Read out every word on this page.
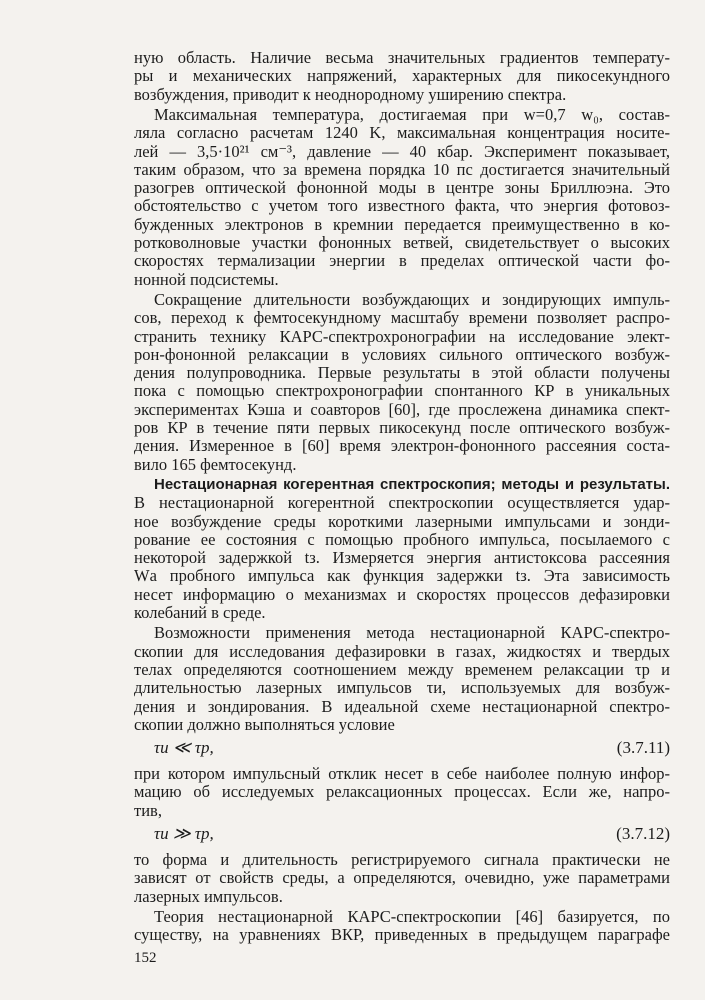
ную область. Наличие весьма значительных градиентов температу-
ры и механических напряжений, характерных для пикосекундного
возбуждения, приводит к неоднородному уширению спектра.
Максимальная температура, достигаемая при w=0,7 w₀, состав-
ляла согласно расчетам 1240 K, максимальная концентрация носите-
лей — 3,5·10²¹ см⁻³, давление — 40 кбар. Эксперимент показывает,
таким образом, что за времена порядка 10 пс достигается значительный
разогрев оптической фононной моды в центре зоны Бриллюэна. Это
обстоятельство с учетом того известного факта, что энергия фотовоз-
бужденных электронов в кремнии передается преимущественно в ко-
ротковолновые участки фононных ветвей, свидетельствует о высоких
скоростях термализации энергии в пределах оптической части фо-
нонной подсистемы.
Сокращение длительности возбуждающих и зондирующих импуль-
сов, переход к фемтосекундному масштабу времени позволяет распро-
странить технику КАРС-спектрохронографии на исследование элект-
рон-фононной релаксации в условиях сильного оптического возбуж-
дения полупроводника. Первые результаты в этой области получены
пока с помощью спектрохронографии спонтанного КР в уникальных
экспериментах Кэша и соавторов [60], где прослежена динамика спект-
ров КР в течение пяти первых пикосекунд после оптического возбуж-
дения. Измеренное в [60] время электрон-фононного рассеяния соста-
вило 165 фемтосекунд.
Нестационарная когерентная спектроскопия; методы и результаты.
В нестационарной когерентной спектроскопии осуществляется удар-
ное возбуждение среды короткими лазерными импульсами и зонди-
рование ее состояния с помощью пробного импульса, посылаемого с
некоторой задержкой tз. Измеряется энергия антистоксова рассеяния
Wа пробного импульса как функция задержки tз. Эта зависимость
несет информацию о механизмах и скоростях процессов дефазировки
колебаний в среде.
Возможности применения метода нестационарной КАРС-спектро-
скопии для исследования дефазировки в газах, жидкостях и твердых
телах определяются соотношением между временем релаксации τр и
длительностью лазерных импульсов τи, используемых для возбуж-
дения и зондирования. В идеальной схеме нестационарной спектро-
скопии должно выполняться условие
τи ≪ τр,	(3.7.11)
при котором импульсный отклик несет в себе наиболее полную инфор-
мацию об исследуемых релаксационных процессах. Если же, напро-
тив,
τи ≫ τр,	(3.7.12)
то форма и длительность регистрируемого сигнала практически не
зависят от свойств среды, а определяются, очевидно, уже параметрами
лазерных импульсов.
Теория нестационарной КАРС-спектроскопии [46] базируется, по
существу, на уравнениях ВКР, приведенных в предыдущем параграфе
152
